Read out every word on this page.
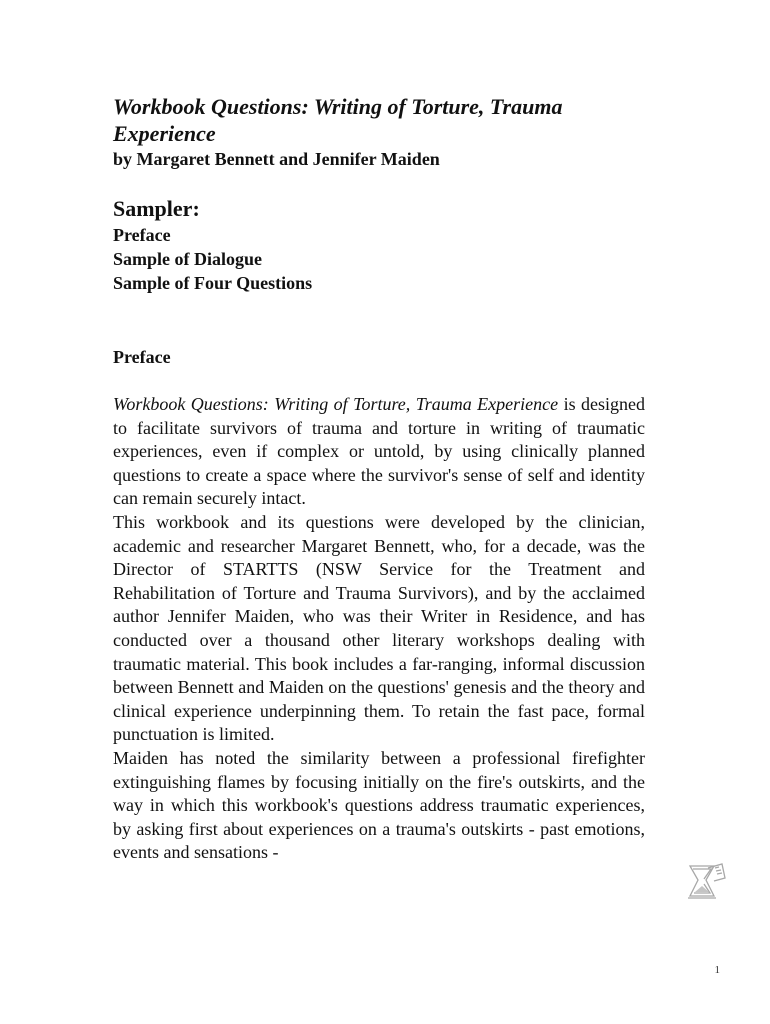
Workbook Questions: Writing of Torture, Trauma Experience

by Margaret Bennett and Jennifer Maiden

Sampler:
Preface
Sample of Dialogue
Sample of Four Questions
Preface

Workbook Questions: Writing of Torture, Trauma Experience is designed to facilitate survivors of trauma and torture in writing of traumatic experiences, even if complex or untold, by using clinically planned questions to create a space where the survivor's sense of self and identity can remain securely intact.

This workbook and its questions were developed by the clinician, academic and researcher Margaret Bennett, who, for a decade, was the Director of STARTTS (NSW Service for the Treatment and Rehabilitation of Torture and Trauma Survivors), and by the acclaimed author Jennifer Maiden, who was their Writer in Residence, and has conducted over a thousand other literary workshops dealing with traumatic material. This book includes a far-ranging, informal discussion between Bennett and Maiden on the questions' genesis and the theory and clinical experience underpinning them. To retain the fast pace, formal punctuation is limited.

Maiden has noted the similarity between a professional firefighter extinguishing flames by focusing initially on the fire's outskirts, and the way in which this workbook's questions address traumatic experiences, by asking first about experiences on a trauma's outskirts - past emotions, events and sensations -

1
